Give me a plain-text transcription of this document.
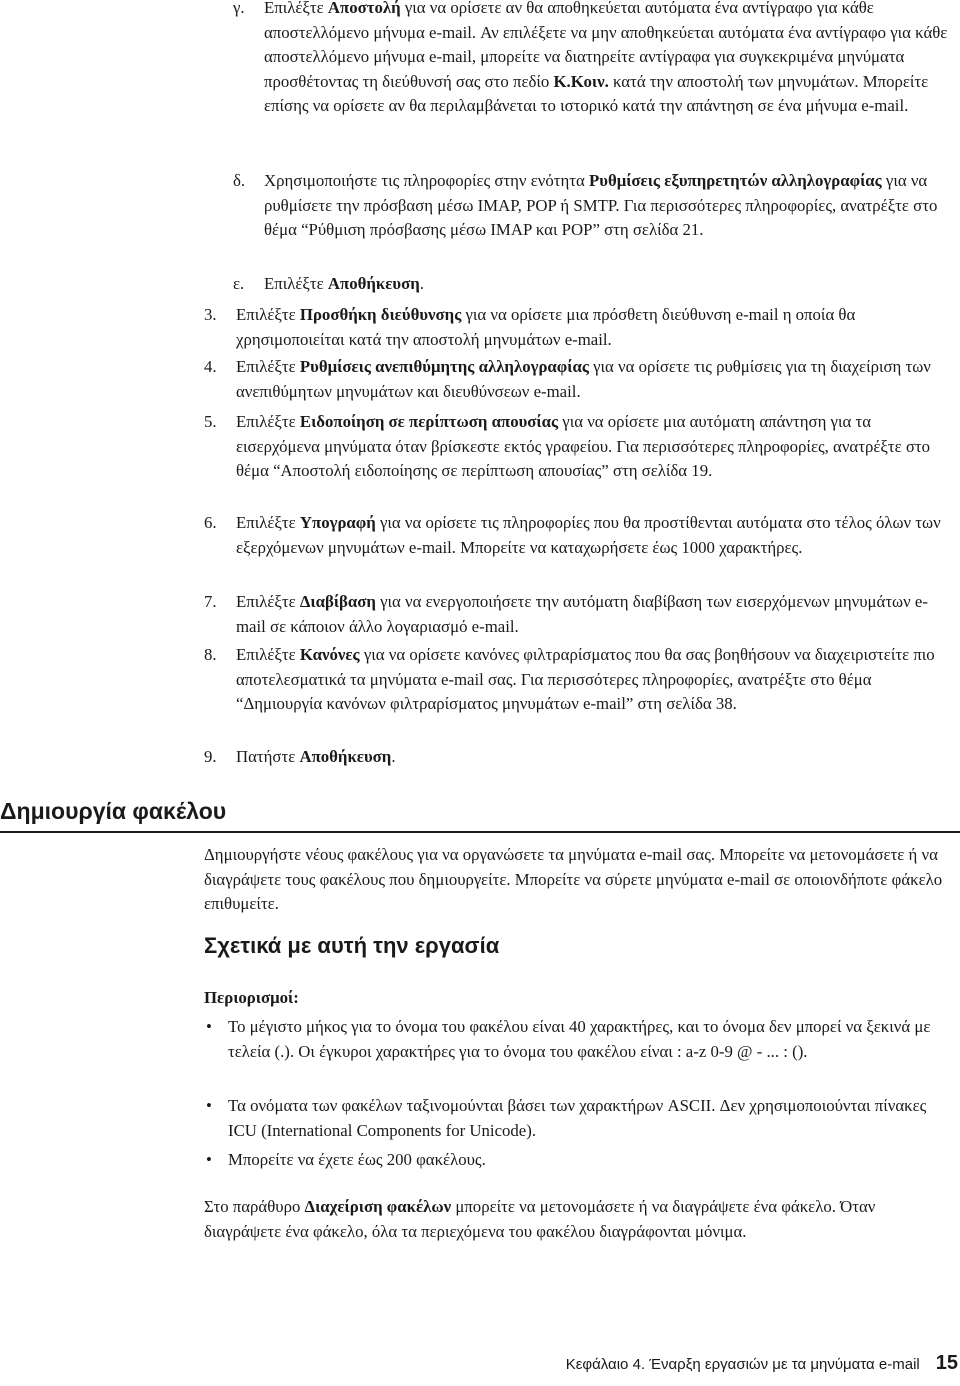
γ. Επιλέξτε Αποστολή για να ορίσετε αν θα αποθηκεύεται αυτόματα ένα αντίγραφο για κάθε αποστελλόμενο μήνυμα e-mail. Αν επιλέξετε να μην αποθηκεύεται αυτόματα ένα αντίγραφο για κάθε αποστελλόμενο μήνυμα e-mail, μπορείτε να διατηρείτε αντίγραφα για συγκεκριμένα μηνύματα προσθέτοντας τη διεύθυνσή σας στο πεδίο Κ.Κοιν. κατά την αποστολή των μηνυμάτων. Μπορείτε επίσης να ορίσετε αν θα περιλαμβάνεται το ιστορικό κατά την απάντηση σε ένα μήνυμα e-mail.

δ. Χρησιμοποιήστε τις πληροφορίες στην ενότητα Ρυθμίσεις εξυπηρετητών αλληλογραφίας για να ρυθμίσετε την πρόσβαση μέσω IMAP, POP ή SMTP. Για περισσότερες πληροφορίες, ανατρέξτε στο θέμα “Ρύθμιση πρόσβασης μέσω IMAP και POP” στη σελίδα 21.

ε. Επιλέξτε Αποθήκευση.

3. Επιλέξτε Προσθήκη διεύθυνσης για να ορίσετε μια πρόσθετη διεύθυνση e-mail η οποία θα χρησιμοποιείται κατά την αποστολή μηνυμάτων e-mail.

4. Επιλέξτε Ρυθμίσεις ανεπιθύμητης αλληλογραφίας για να ορίσετε τις ρυθμίσεις για τη διαχείριση των ανεπιθύμητων μηνυμάτων και διευθύνσεων e-mail.

5. Επιλέξτε Ειδοποίηση σε περίπτωση απουσίας για να ορίσετε μια αυτόματη απάντηση για τα εισερχόμενα μηνύματα όταν βρίσκεστε εκτός γραφείου. Για περισσότερες πληροφορίες, ανατρέξτε στο θέμα “Αποστολή ειδοποίησης σε περίπτωση απουσίας” στη σελίδα 19.

6. Επιλέξτε Υπογραφή για να ορίσετε τις πληροφορίες που θα προστίθενται αυτόματα στο τέλος όλων των εξερχόμενων μηνυμάτων e-mail. Μπορείτε να καταχωρήσετε έως 1000 χαρακτήρες.

7. Επιλέξτε Διαβίβαση για να ενεργοποιήσετε την αυτόματη διαβίβαση των εισερχόμενων μηνυμάτων e-mail σε κάποιον άλλο λογαριασμό e-mail.

8. Επιλέξτε Κανόνες για να ορίσετε κανόνες φιλτραρίσματος που θα σας βοηθήσουν να διαχειριστείτε πιο αποτελεσματικά τα μηνύματα e-mail σας. Για περισσότερες πληροφορίες, ανατρέξτε στο θέμα “Δημιουργία κανόνων φιλτραρίσματος μηνυμάτων e-mail” στη σελίδα 38.

9. Πατήστε Αποθήκευση.

Δημιουργία φακέλου

Δημιουργήστε νέους φακέλους για να οργανώσετε τα μηνύματα e-mail σας. Μπορείτε να μετονομάσετε ή να διαγράψετε τους φακέλους που δημιουργείτε. Μπορείτε να σύρετε μηνύματα e-mail σε οποιονδήποτε φάκελο επιθυμείτε.

Σχετικά με αυτή την εργασία
Περιορισμοί:

• Το μέγιστο μήκος για το όνομα του φακέλου είναι 40 χαρακτήρες, και το όνομα δεν μπορεί να ξεκινά με τελεία (.). Οι έγκυροι χαρακτήρες για το όνομα του φακέλου είναι : a-z 0-9 @ - ... : ().

• Τα ονόματα των φακέλων ταξινομούνται βάσει των χαρακτήρων ASCII. Δεν χρησιμοποιούνται πίνακες ICU (International Components for Unicode).

• Μπορείτε να έχετε έως 200 φακέλους.

Στο παράθυρο Διαχείριση φακέλων μπορείτε να μετονομάσετε ή να διαγράψετε ένα φάκελο. Όταν διαγράψετε ένα φάκελο, όλα τα περιεχόμενα του φακέλου διαγράφονται μόνιμα.

Κεφάλαιο 4. Έναρξη εργασιών με τα μηνύματα e-mail 15
